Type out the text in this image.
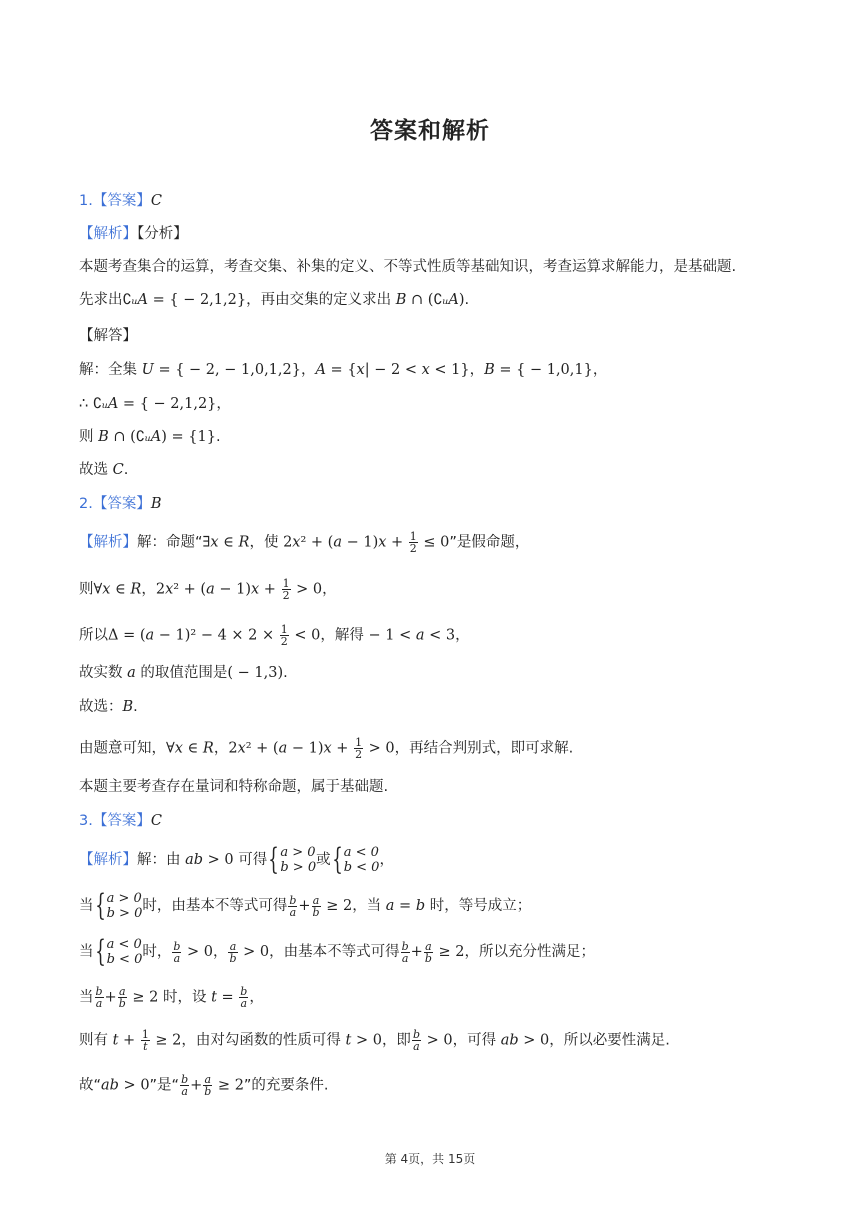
答案和解析
1.【答案】C
【解析】【分析】
本题考查集合的运算，考查交集、补集的定义、不等式性质等基础知识，考查运算求解能力，是基础题.
先求出∁ᵤA = { − 2,1,2}，再由交集的定义求出 B ∩ (∁ᵤA).
【解答】
解：全集 U = { − 2, − 1,0,1,2}，A = {x| − 2 < x < 1}，B = { − 1,0,1}，
∴ ∁ᵤA = { − 2,1,2}，
则 B ∩ (∁ᵤA) = {1}.
故选 C.
2.【答案】B
【解析】解：命题“∃x ∈ R，使 $2x^2 + (a - 1)x + \frac{1}{2} \le 0$”是假命题，
则∀x ∈ R，$2x^2 + (a - 1)x + \frac{1}{2} > 0$，
所以$\Delta = (a - 1)^2 - 4 \times 2 \times \frac{1}{2} < 0$，解得 − 1 < a < 3，
故实数 a 的取值范围是( − 1,3).
故选：B.
由题意可知，∀x ∈ R，$2x^2 + (a - 1)x + \frac{1}{2} > 0$，再结合判别式，即可求解.
本题主要考查存在量词和特称命题，属于基础题.
3.【答案】C
【解析】解：由 ab > 0 可得{ a > 0
b > 0 或{ a < 0
b < 0 ，
当{ a > 0
b > 0 时，由基本不等式可得 $\frac{b}{a} + \frac{a}{b} \ge 2$，当 a = b 时，等号成立；
当{ a < 0
b < 0 时， $\frac{b}{a} > 0$， $\frac{a}{b} > 0$，由基本不等式可得 $\frac{b}{a} + \frac{a}{b} \ge 2$，所以充分性满足；
当 $\frac{b}{a} + \frac{a}{b} \ge 2$ 时，设 $t = \frac{b}{a}$ ，
则有 $t + \frac{1}{t} \ge 2$，由对勾函数的性质可得 t > 0，即 $\frac{b}{a} > 0$，可得 ab > 0，所以必要性满足.
故“ab > 0”是“ $\frac{b}{a} + \frac{a}{b} \ge 2$”的充要条件.
第 4页，共 15页
